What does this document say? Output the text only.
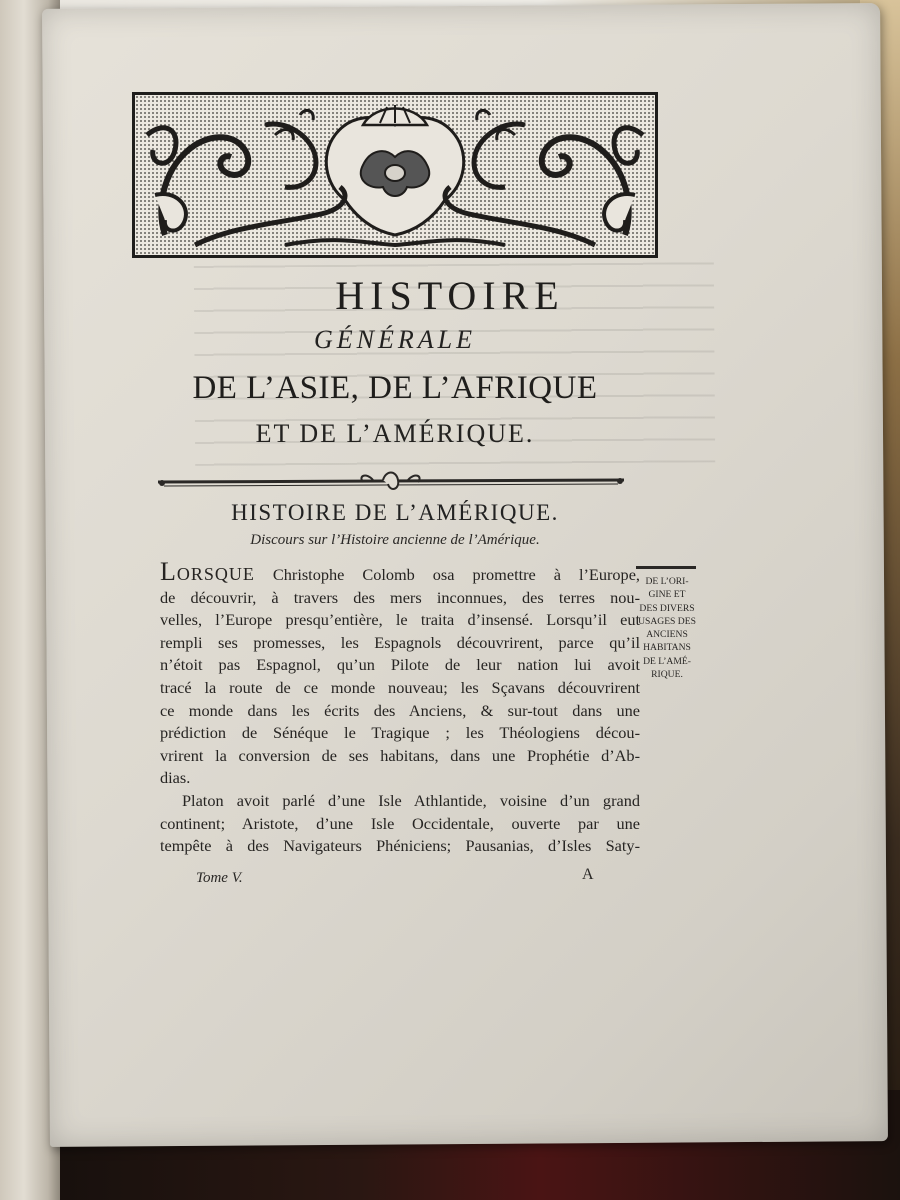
HISTOIRE
GÉNÉRALE
DE L’ASIE, DE L’AFRIQUE
ET DE L’AMÉRIQUE.
HISTOIRE DE L’AMÉRIQUE.
Discours sur l’Histoire ancienne de l’Amérique.
Lorsque Christophe Colomb osa promettre à l’Europe,
de découvrir, à travers des mers inconnues, des terres nou-
velles, l’Europe presqu’entière, le traita d’insensé. Lorsqu’il eut
rempli ses promesses, les Espagnols découvrirent, parce qu’il
n’étoit pas Espagnol, qu’un Pilote de leur nation lui avoit
tracé la route de ce monde nouveau; les Sçavans découvrirent
ce monde dans les écrits des Anciens, & sur-tout dans une
prédiction de Sénéque le Tragique ; les Théologiens décou-
vrirent la conversion de ses habitans, dans une Prophétie d’Ab-
dias.
Platon avoit parlé d’une Isle Athlantide, voisine d’un grand
continent; Aristote, d’une Isle Occidentale, ouverte par une
tempête à des Navigateurs Phéniciens; Pausanias, d’Isles Saty-
DE L’ORI-
GINE ET
DES DIVERS
USAGES DES
ANCIENS
HABITANS
DE L’AMÉ-
RIQUE.
Tome V.	A
